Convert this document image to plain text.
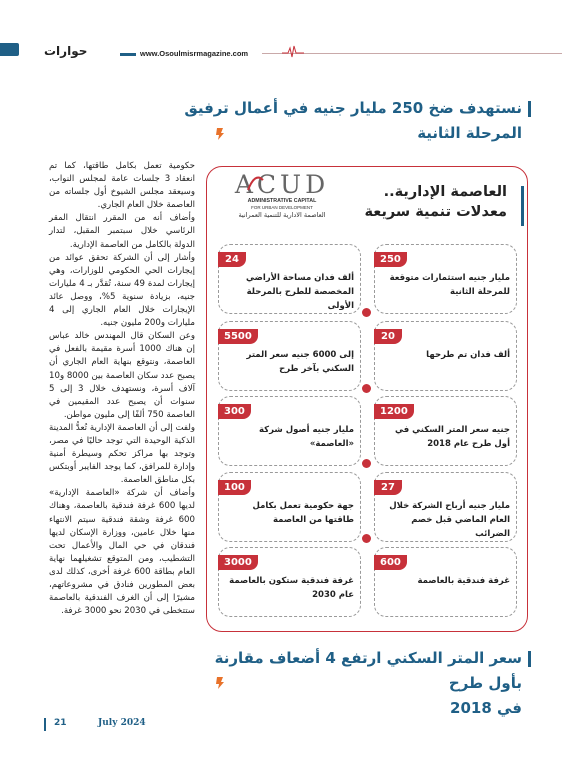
حوارات	www.Osoulmisrmagazine.com
نستهدف ضخ 250 مليار جنيه في أعمال ترفيق
المرحلة الثانية

حكومية تعمل بكامل طاقتها، كما تم انعقاد 3 جلسات عامة لمجلس النواب، وسيعقد مجلس الشيوخ أول جلساته من العاصمة خلال العام الجاري.

وأضاف أنه من المقرر انتقال المقر الرئاسي خلال سبتمبر المقبل، لتدار الدولة بالكامل من العاصمة الإدارية.

وأشار إلى أن الشركة تحقق عوائد من إيجارات الحي الحكومي للوزارات، وهي إيجارات لمدة 49 سنة، تُقدَّر بـ 4 مليارات جنيه، بزيادة سنوية 5%، ووصل عائد الإيجارات خلال العام الجاري إلى 4 مليارات و200 مليون جنيه.

وعن السكان قال المهندس خالد عباس إن هناك 1000 أسرة مقيمة بالفعل في العاصمة، ونتوقع بنهاية العام الجاري أن يصبح عدد سكان العاصمة بين 8000 و10 آلاف أسرة، ونستهدف خلال 3 إلى 5 سنوات أن يصبح عدد المقيمين في العاصمة 750 ألفًا إلى مليون مواطن.

ولفت إلى أن العاصمة الإدارية تُعدُّ المدينة الذكية الوحيدة التي توجد حاليًا في مصر، وتوجد بها مراكز تحكم وسيطرة أمنية وإدارة للمرافق، كما يوجد الفايبر أوبتكس بكل مناطق العاصمة.

وأضاف أن شركة «العاصمة الإدارية» لديها 600 غرفة فندقية بالعاصمة، وهناك 600 غرفة وشقة فندقية سيتم الانتهاء منها خلال عامين، ووزارة الإسكان لديها فندقان في حي المال والأعمال تحت التشطيب، ومن المتوقع تشغيلهما نهاية العام بطاقة 600 غرفة أخرى، كذلك لدى بعض المطورين فنادق في مشروعاتهم، مشيرًا إلى أن الغرف الفندقية بالعاصمة ستتخطى في 2030 نحو 3000 غرفة.

العاصمة الإدارية..
معدلات تنمية سريعة
ACUD
ADMINISTRATIVE CAPITAL
FOR URBAN DEVELOPMENT
العاصمة الادارية للتنمية العمرانية
250
مليار جنيه استثمارات متوقعة للمرحلة الثانية
20
ألف فدان تم طرحها
1200
جنيه سعر المتر السكني في أول طرح عام 2018
27
مليار جنيه أرباح الشركة خلال العام الماضي قبل خصم الضرائب
600
غرفة فندقية بالعاصمة
24
ألف فدان مساحة الأراضي المخصصة للطرح بالمرحلة الأولى
5500
إلى 6000 جنيه سعر المتر السكني بآخر طرح
300
مليار جنيه أصول شركة «العاصمة»
100
جهة حكومية تعمل بكامل طاقتها من العاصمة
3000
غرفة فندقية ستكون بالعاصمة عام 2030
سعر المتر السكني ارتفع 4 أضعاف مقارنة بأول طرح
في 2018
21	July 2024
